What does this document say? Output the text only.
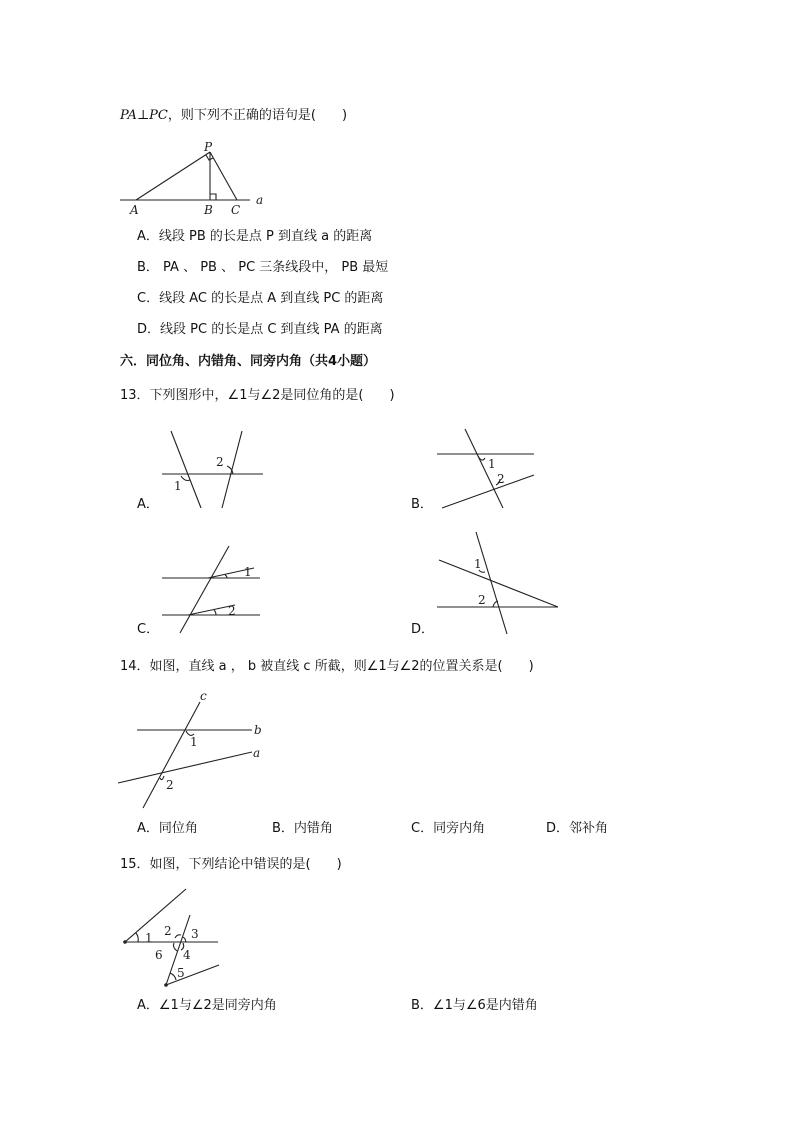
PA⊥PC，则下列不正确的语句是(　　)
P
A	B C
a
A．线段 PB 的长是点 P 到直线 a 的距离
B． PA 、 PB 、 PC 三条线段中， PB 最短
C．线段 AC 的长是点 A 到直线 PC 的距离
D．线段 PC 的长是点 C 到直线 PA 的距离
六．同位角、内错角、同旁内角（共4小题）
13．下列图形中，∠1与∠2是同位角的是(　　)
1
2
A．
1
2
B．
1
2
C．
1
2
D．
14．如图，直线 a ， b 被直线 c 所截，则∠1与∠2的位置关系是(　　)
c
b
a
1
2
A．同位角	B．内错角	C．同旁内角	D．邻补角
15．如图，下列结论中错误的是(　　)
1 2 3
4
5
6
A．∠1与∠2是同旁内角	B．∠1与∠6是内错角
